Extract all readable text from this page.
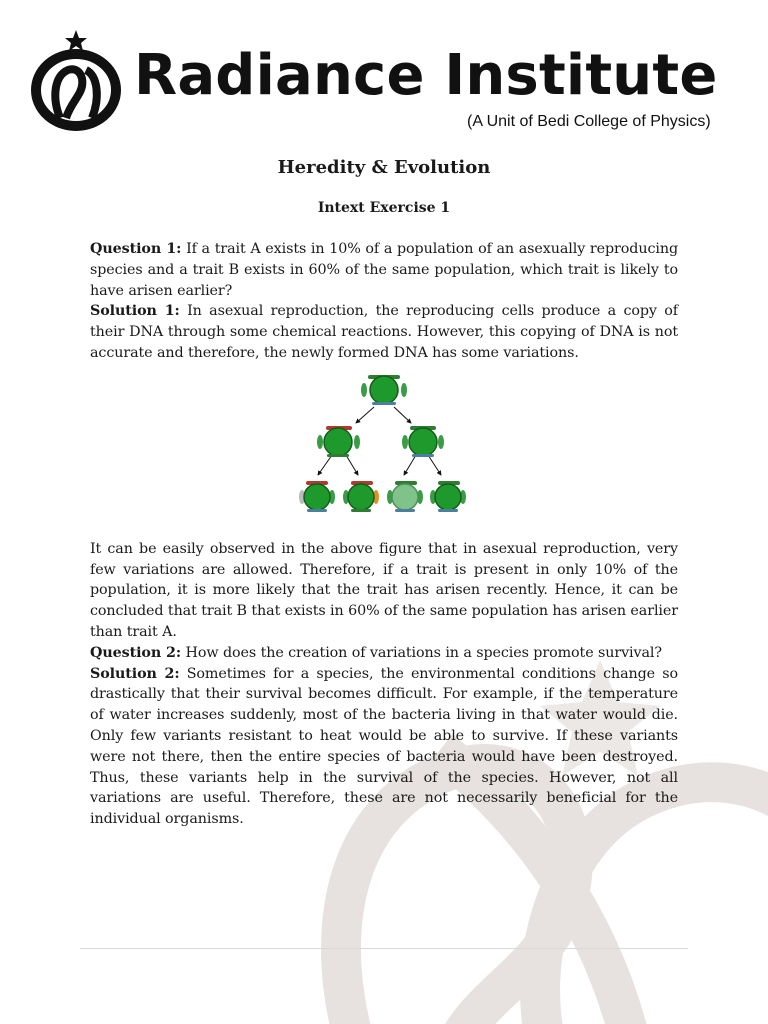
Radiance Institute

(A Unit of Bedi College of Physics)

Heredity & Evolution
Intext Exercise 1

Question 1: If a trait A exists in 10% of a population of an asexually reproducing species and a trait B exists in 60% of the same population, which trait is likely to have arisen earlier?

Solution 1: In asexual reproduction, the reproducing cells produce a copy of their DNA through some chemical reactions. However, this copying of DNA is not accurate and therefore, the newly formed DNA has some variations.

It can be easily observed in the above figure that in asexual reproduction, very few variations are allowed. Therefore, if a trait is present in only 10% of the population, it is more likely that the trait has arisen recently. Hence, it can be concluded that trait B that exists in 60% of the same population has arisen earlier than trait A.

Question 2: How does the creation of variations in a species promote survival?

Solution 2: Sometimes for a species, the environmental conditions change so drastically that their survival becomes difficult. For example, if the temperature of water increases suddenly, most of the bacteria living in that water would die. Only few variants resistant to heat would be able to survive. If these variants were not there, then the entire species of bacteria would have been destroyed. Thus, these variants help in the survival of the species. However, not all variations are useful. Therefore, these are not necessarily beneficial for the individual organisms.
